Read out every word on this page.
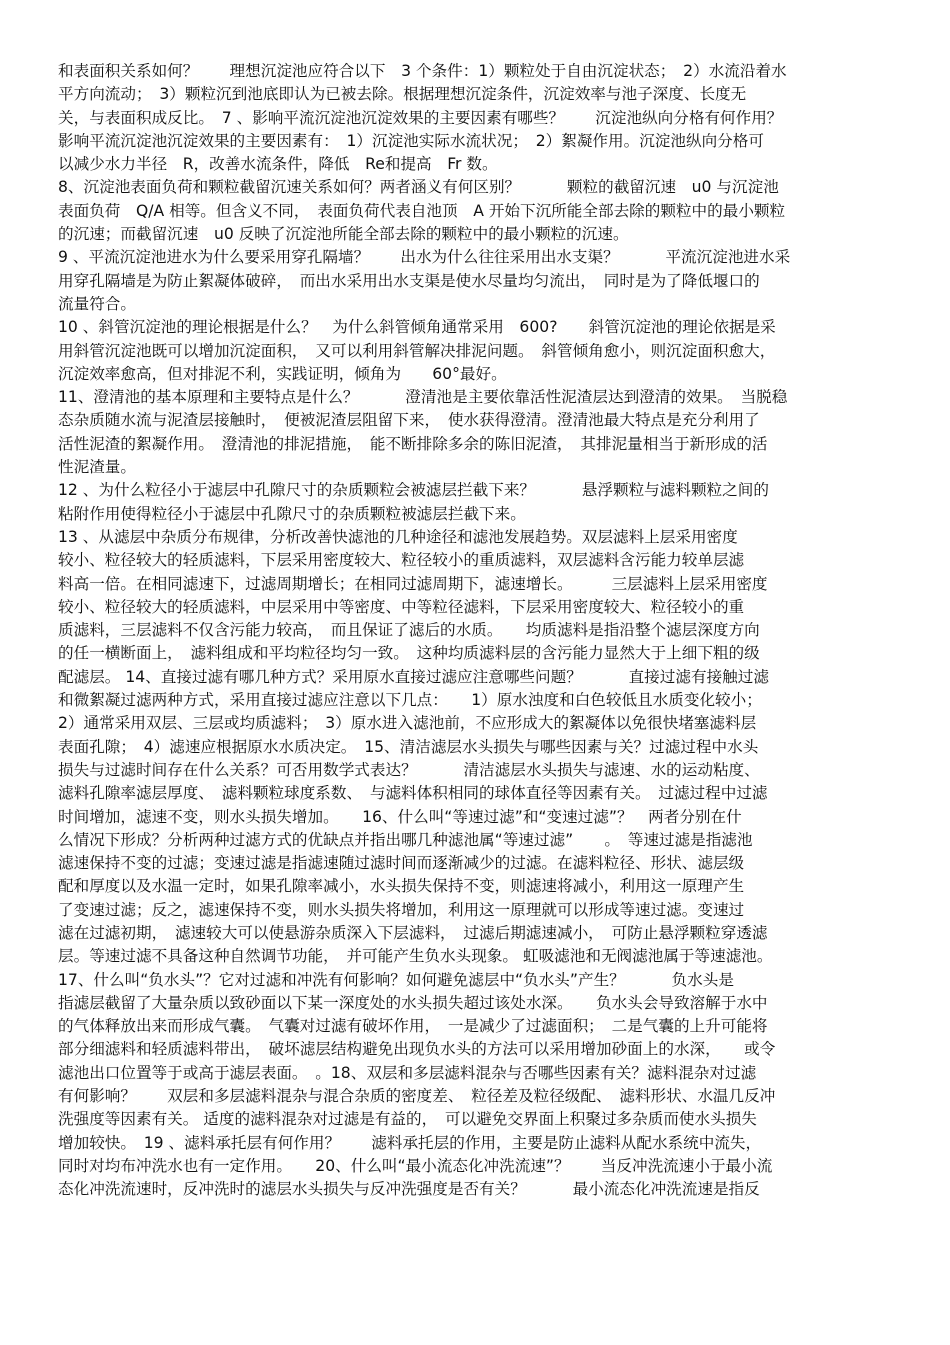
和表面积关系如何？　　理想沉淀池应符合以下　3 个条件：1）颗粒处于自由沉淀状态；　2）水流沿着水
平方向流动；　3）颗粒沉到池底即认为已被去除。根据理想沉淀条件，沉淀效率与池子深度、长度无
关，与表面积成反比。　7 、影响平流沉淀池沉淀效果的主要因素有哪些？　　沉淀池纵向分格有何作用？
影响平流沉淀池沉淀效果的主要因素有：　1）沉淀池实际水流状况；　2）絮凝作用。沉淀池纵向分格可
以减少水力半径　R，改善水流条件，降低　Re和提高　Fr 数。
8、沉淀池表面负荷和颗粒截留沉速关系如何？两者涵义有何区别？　　　颗粒的截留沉速　u0 与沉淀池
表面负荷　Q/A 相等。但含义不同，　表面负荷代表自池顶　A 开始下沉所能全部去除的颗粒中的最小颗粒
的沉速；而截留沉速　u0 反映了沉淀池所能全部去除的颗粒中的最小颗粒的沉速。
9 、平流沉淀池进水为什么要采用穿孔隔墙？　　出水为什么往往采用出水支渠？　　　平流沉淀池进水采
用穿孔隔墙是为防止絮凝体破碎，　而出水采用出水支渠是使水尽量均匀流出，　同时是为了降低堰口的
流量符合。
10 、斜管沉淀池的理论根据是什么？　为什么斜管倾角通常采用　600?　　斜管沉淀池的理论依据是采
用斜管沉淀池既可以增加沉淀面积，　又可以利用斜管解决排泥问题。　斜管倾角愈小，则沉淀面积愈大，
沉淀效率愈高，但对排泥不利，实践证明，倾角为　　60°最好。
11、澄清池的基本原理和主要特点是什么？　　　澄清池是主要依靠活性泥渣层达到澄清的效果。　当脱稳
态杂质随水流与泥渣层接触时，　便被泥渣层阻留下来，　使水获得澄清。澄清池最大特点是充分利用了
活性泥渣的絮凝作用。　澄清池的排泥措施，　能不断排除多余的陈旧泥渣，　其排泥量相当于新形成的活
性泥渣量。
12 、为什么粒径小于滤层中孔隙尺寸的杂质颗粒会被滤层拦截下来？　　　悬浮颗粒与滤料颗粒之间的
粘附作用使得粒径小于滤层中孔隙尺寸的杂质颗粒被滤层拦截下来。
13 、从滤层中杂质分布规律，分析改善快滤池的几种途径和滤池发展趋势。双层滤料上层采用密度
较小、粒径较大的轻质滤料，下层采用密度较大、粒径较小的重质滤料，双层滤料含污能力较单层滤
料高一倍。在相同滤速下，过滤周期增长；在相同过滤周期下，滤速增长。　　　三层滤料上层采用密度
较小、粒径较大的轻质滤料，中层采用中等密度、中等粒径滤料，下层采用密度较大、粒径较小的重
质滤料，三层滤料不仅含污能力较高，　而且保证了滤后的水质。　　均质滤料是指沿整个滤层深度方向
的任一横断面上，　滤料组成和平均粒径均匀一致。　这种均质滤料层的含污能力显然大于上细下粗的级
配滤层。 14、直接过滤有哪几种方式？采用原水直接过滤应注意哪些问题？　　　直接过滤有接触过滤
和微絮凝过滤两种方式，采用直接过滤应注意以下几点：　　1）原水浊度和白色较低且水质变化较小；
2）通常采用双层、三层或均质滤料；　3）原水进入滤池前，不应形成大的絮凝体以免很快堵塞滤料层
表面孔隙；　4）滤速应根据原水水质决定。　15、清洁滤层水头损失与哪些因素与关？过滤过程中水头
损失与过滤时间存在什么关系？可否用数学式表达？　　　清洁滤层水头损失与滤速、水的运动粘度、
滤料孔隙率滤层厚度、　滤料颗粒球度系数、　与滤料体积相同的球体直径等因素有关。　过滤过程中过滤
时间增加，滤速不变，则水头损失增加。　　16、什么叫“等速过滤”和“变速过滤”？　两者分别在什
么情况下形成？分析两种过滤方式的优缺点并指出哪几种滤池属“等速过滤”　　。　等速过滤是指滤池
滤速保持不变的过滤；变速过滤是指滤速随过滤时间而逐渐减少的过滤。在滤料粒径、形状、滤层级
配和厚度以及水温一定时，如果孔隙率减小，水头损失保持不变，则滤速将减小，利用这一原理产生
了变速过滤；反之，滤速保持不变，则水头损失将增加，利用这一原理就可以形成等速过滤。变速过
滤在过滤初期，　滤速较大可以使悬游杂质深入下层滤料，　过滤后期滤速减小，　可防止悬浮颗粒穿透滤
层。等速过滤不具备这种自然调节功能，　并可能产生负水头现象。 虹吸滤池和无阀滤池属于等速滤池。
17、什么叫“负水头”？它对过滤和冲洗有何影响？如何避免滤层中“负水头”产生？　　　负水头是
指滤层截留了大量杂质以致砂面以下某一深度处的水头损失超过该处水深。　　负水头会导致溶解于水中
的气体释放出来而形成气囊。　气囊对过滤有破坏作用，　一是减少了过滤面积；　二是气囊的上升可能将
部分细滤料和轻质滤料带出，　破坏滤层结构避免出现负水头的方法可以采用增加砂面上的水深，　　或令
滤池出口位置等于或高于滤层表面。　。18、双层和多层滤料混杂与否哪些因素有关？滤料混杂对过滤
有何影响？　　双层和多层滤料混杂与混合杂质的密度差、　粒径差及粒径级配、　滤料形状、水温几反冲
洗强度等因素有关。 适度的滤料混杂对过滤是有益的，　可以避免交界面上积聚过多杂质而使水头损失
增加较快。　19 、滤料承托层有何作用？　　滤料承托层的作用，主要是防止滤料从配水系统中流失，
同时对均布冲洗水也有一定作用。　　20、什么叫“最小流态化冲洗流速”？　　当反冲洗流速小于最小流
态化冲洗流速时，反冲洗时的滤层水头损失与反冲洗强度是否有关？　　　最小流态化冲洗流速是指反
